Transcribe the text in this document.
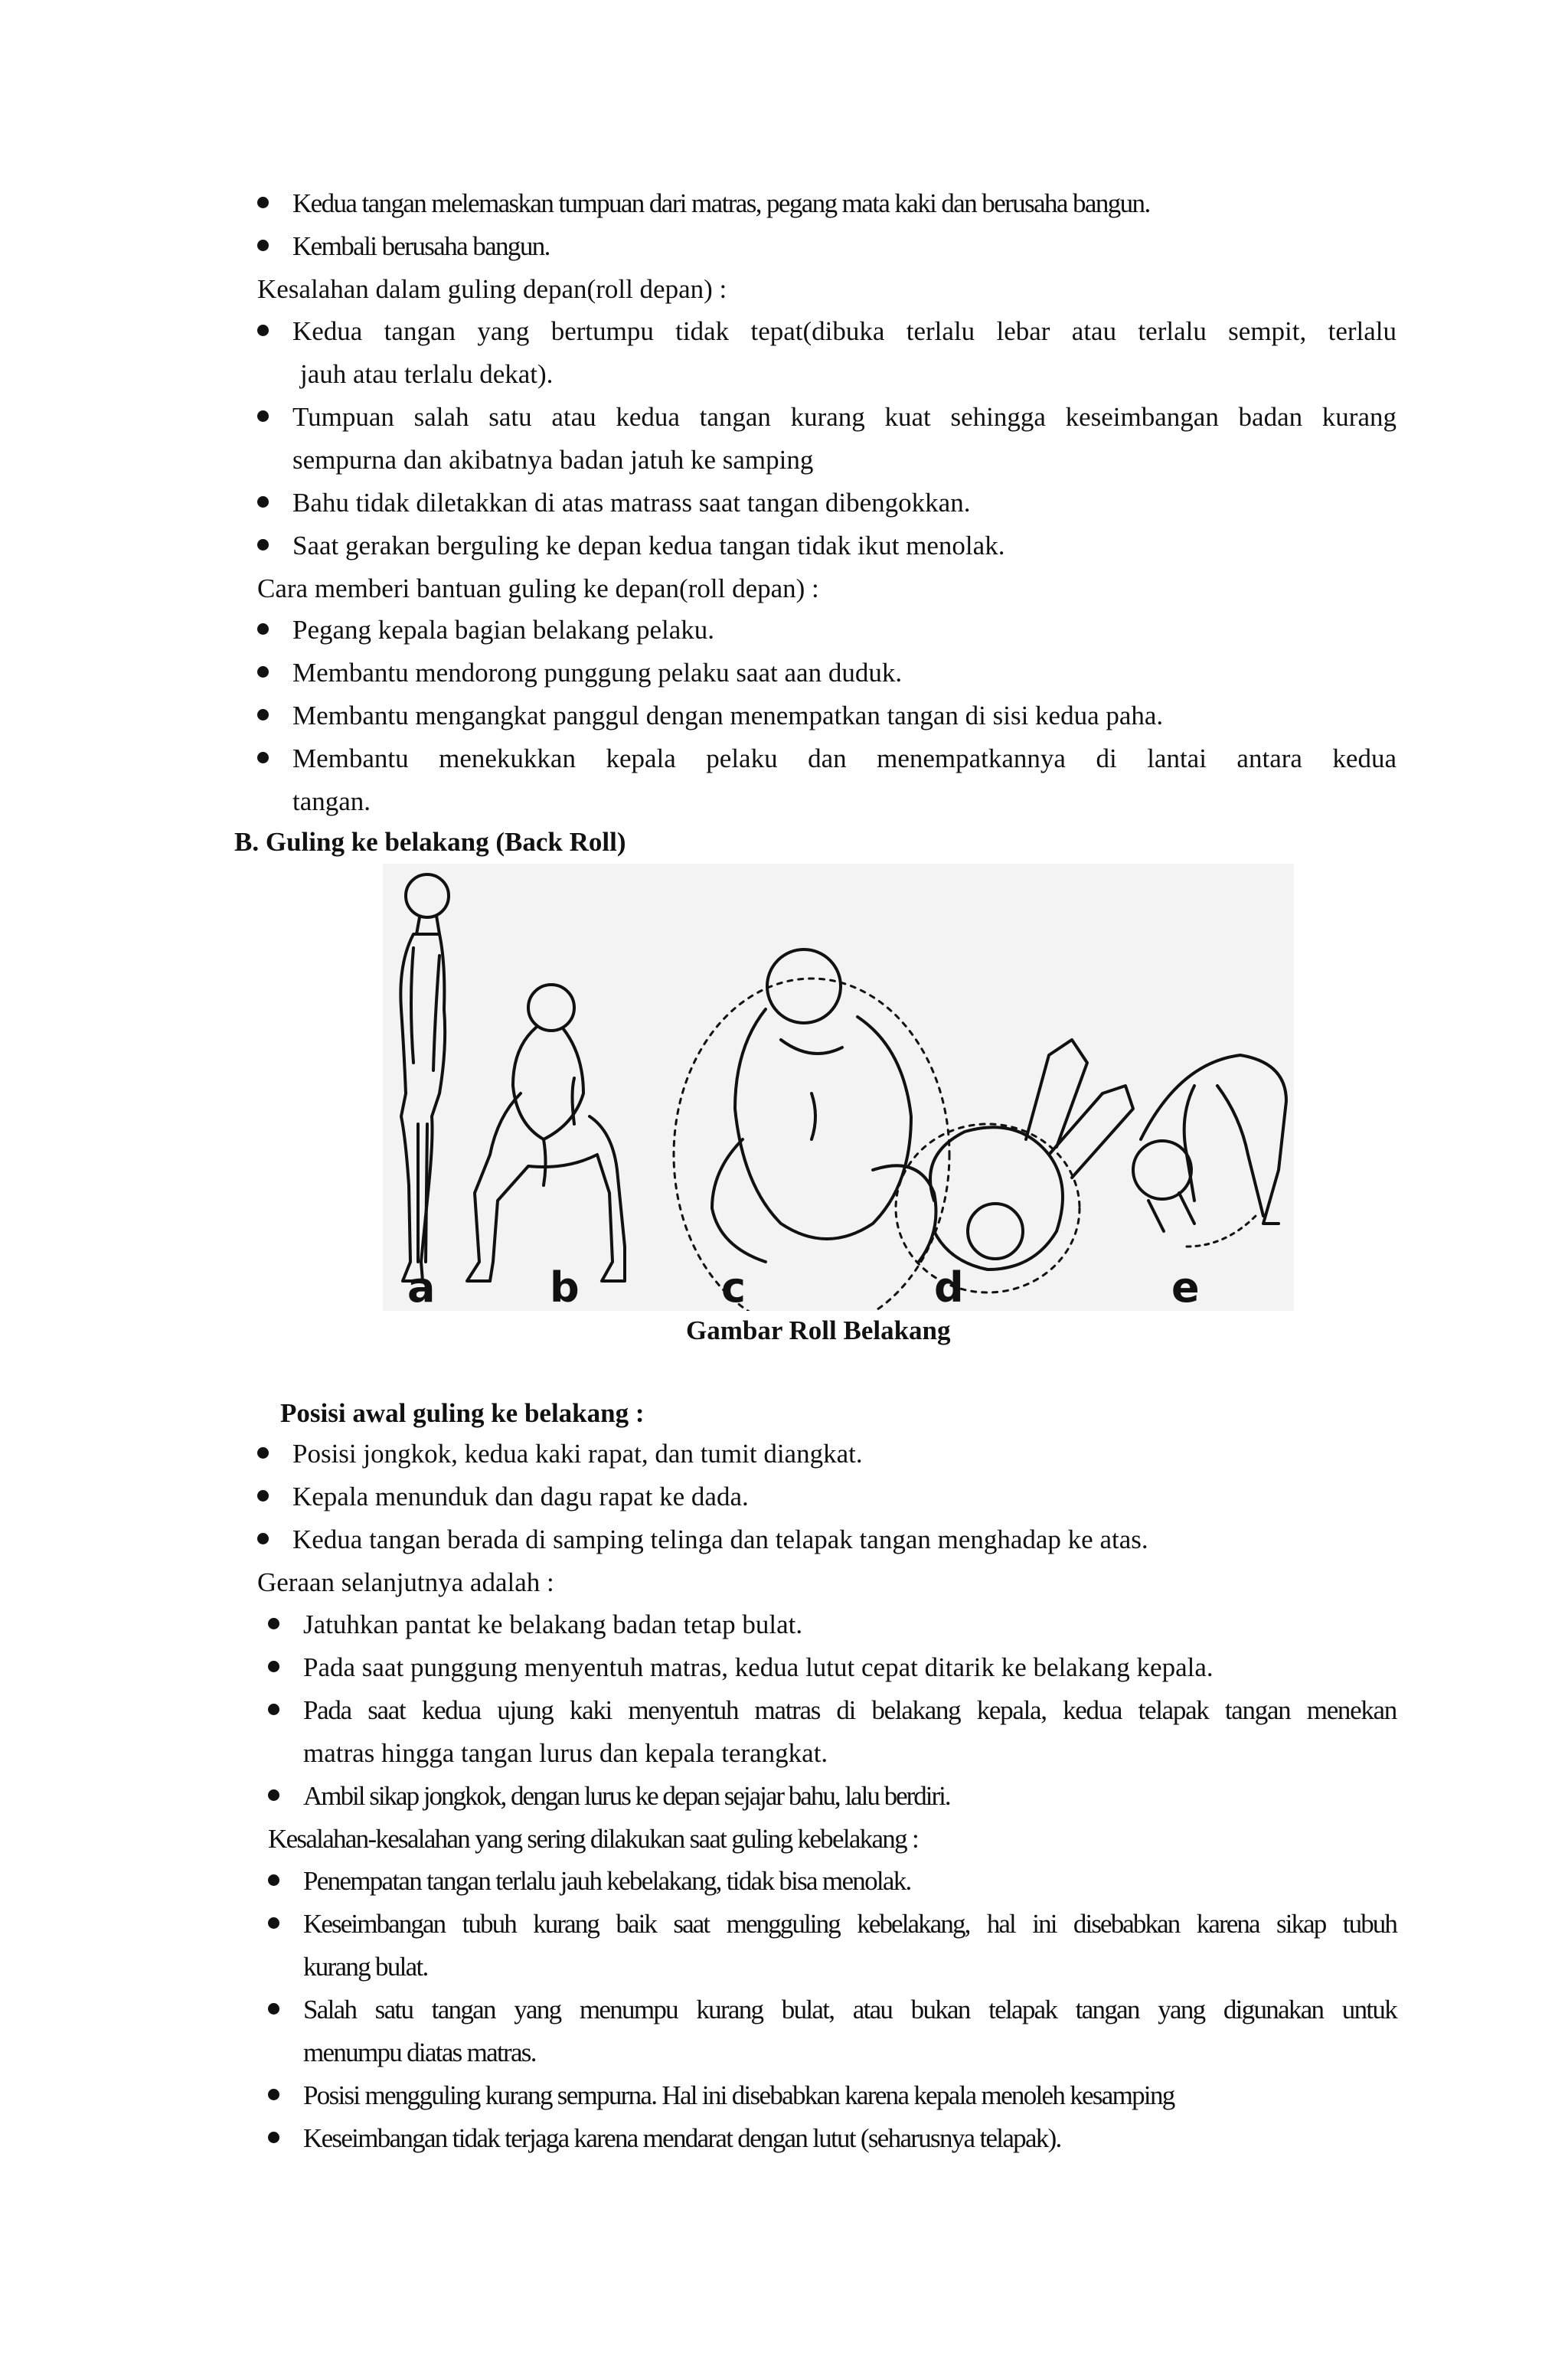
Kedua tangan melemaskan tumpuan dari matras, pegang mata kaki dan berusaha bangun.
Kembali berusaha bangun.
Kesalahan dalam guling depan(roll depan) :
Kedua tangan yang bertumpu tidak tepat(dibuka terlalu lebar atau terlalu sempit, terlalu
jauh atau terlalu dekat).
Tumpuan salah satu atau kedua tangan kurang kuat sehingga keseimbangan badan kurang
sempurna dan akibatnya badan jatuh ke samping
Bahu tidak diletakkan di atas matrass saat tangan dibengokkan.
Saat gerakan berguling ke depan kedua tangan tidak ikut menolak.
Cara memberi bantuan guling ke depan(roll depan) :
Pegang kepala bagian belakang pelaku.
Membantu mendorong punggung pelaku saat aan duduk.
Membantu mengangkat panggul dengan menempatkan tangan di sisi kedua paha.
Membantu menekukkan kepala pelaku dan menempatkannya di lantai antara kedua
tangan.
B. Guling ke belakang (Back Roll)
a	b	c	d	e
Gambar Roll Belakang
Posisi awal guling ke belakang :
Posisi jongkok, kedua kaki rapat, dan tumit diangkat.
Kepala menunduk dan dagu rapat ke dada.
Kedua tangan berada di samping telinga dan telapak tangan menghadap ke atas.
Geraan selanjutnya adalah :
Jatuhkan pantat ke belakang badan tetap bulat.
Pada saat punggung menyentuh matras, kedua lutut cepat ditarik ke belakang kepala.
Pada saat kedua ujung kaki menyentuh matras di belakang kepala, kedua telapak tangan menekan
matras hingga tangan lurus dan kepala terangkat.
Ambil sikap jongkok, dengan lurus ke depan sejajar bahu, lalu berdiri.
Kesalahan-kesalahan yang sering dilakukan saat guling kebelakang :
Penempatan tangan terlalu jauh kebelakang, tidak bisa menolak.
Keseimbangan tubuh kurang baik saat mengguling kebelakang, hal ini disebabkan karena sikap tubuh
kurang bulat.
Salah satu tangan yang menumpu kurang bulat, atau bukan telapak tangan yang digunakan untuk
menumpu diatas matras.
Posisi mengguling kurang sempurna. Hal ini disebabkan karena kepala menoleh kesamping
Keseimbangan tidak terjaga karena mendarat dengan lutut (seharusnya telapak).
